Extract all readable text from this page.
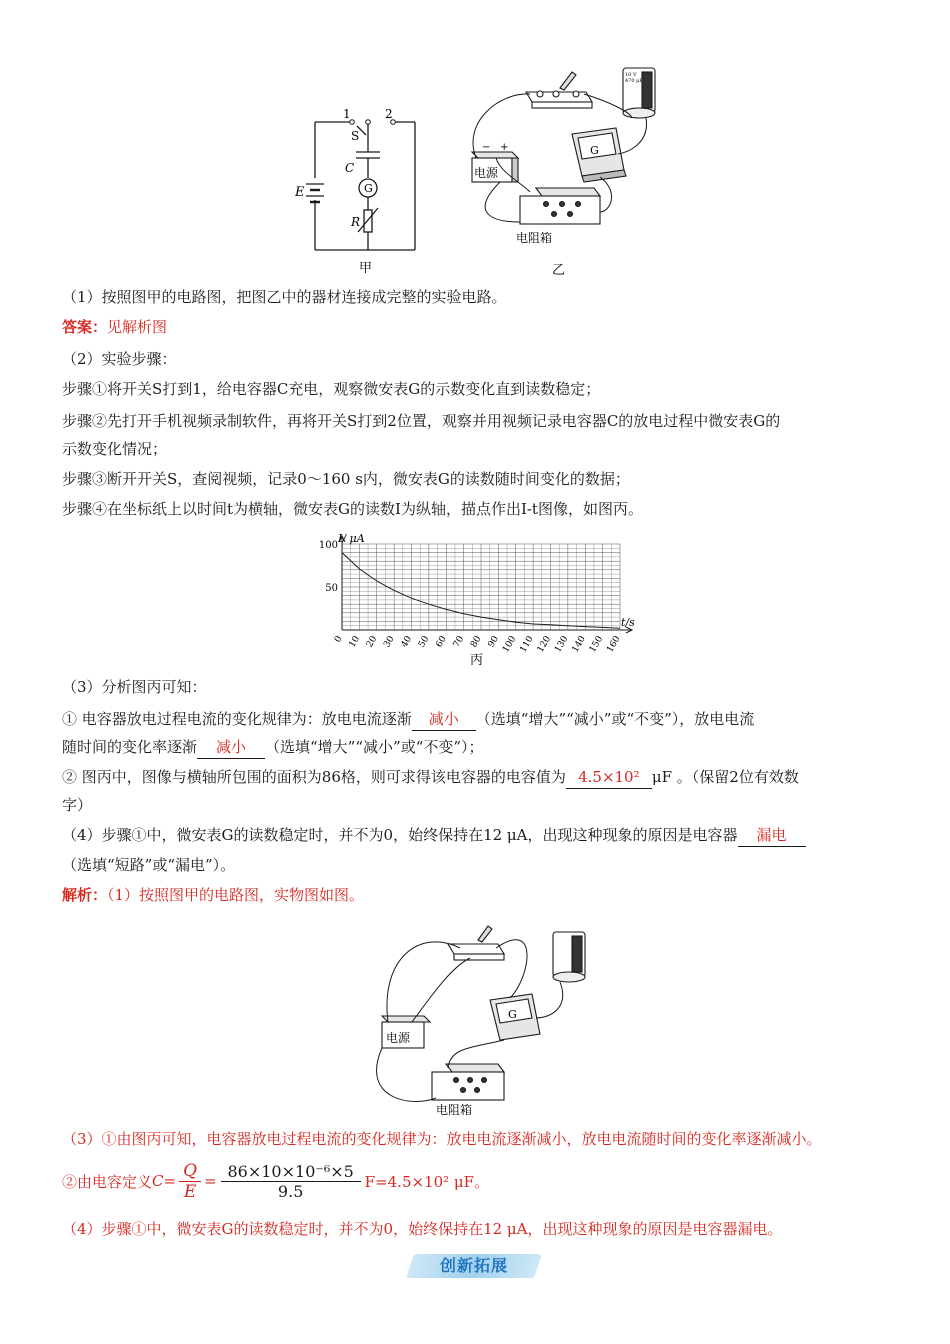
1	2
S
C
G
E
R
甲
电源
− +	G
10 V
470 μF
电阻箱
乙
（1）按照图甲的电路图，把图乙中的器材连接成完整的实验电路。
答案：见解析图
（2）实验步骤：
步骤①将开关S打到1，给电容器C充电，观察微安表G的示数变化直到读数稳定；
步骤②先打开手机视频录制软件，再将开关S打到2位置，观察并用视频记录电容器C的放电过程中微安表G的
示数变化情况；
步骤③断开开关S，查阅视频，记录0～160 s内，微安表G的读数随时间变化的数据；
步骤④在坐标纸上以时间t为横轴，微安表G的读数I为纵轴，描点作出I-t图像，如图丙。
0 10 20 30 40 50 60 70 80 90 100 110 120 130 140 150 160
100
50
I/ μA
t/s
丙
（3）分析图丙可知：
① 电容器放电过程电流的变化规律为：放电电流逐渐 减小 （选填“增大”“减小”或“不变”），放电电流
随时间的变化率逐渐 减小 （选填“增大”“减小”或“不变”）；
② 图丙中，图像与横轴所包围的面积为86格，则可求得该电容器的电容值为 4.5×10² μF 。（保留2位有效数
字）
（4）步骤①中，微安表G的读数稳定时，并不为0，始终保持在12 μA，出现这种现象的原因是电容器 漏电
（选填“短路”或“漏电”）。
解析：（1）按照图甲的电路图，实物图如图。
电源
G
电阻箱
（3）①由图丙可知，电容器放电过程电流的变化规律为：放电电流逐渐减小，放电电流随时间的变化率逐渐减小。
②由电容定义 $C = \frac{Q}{E} = \frac{\text{86×10×10⁻⁶×5}}{9.5} F=4.5\times 10^2$ μF。
（4）步骤①中，微安表G的读数稳定时，并不为0，始终保持在12 μA，出现这种现象的原因是电容器漏电。
创新拓展
